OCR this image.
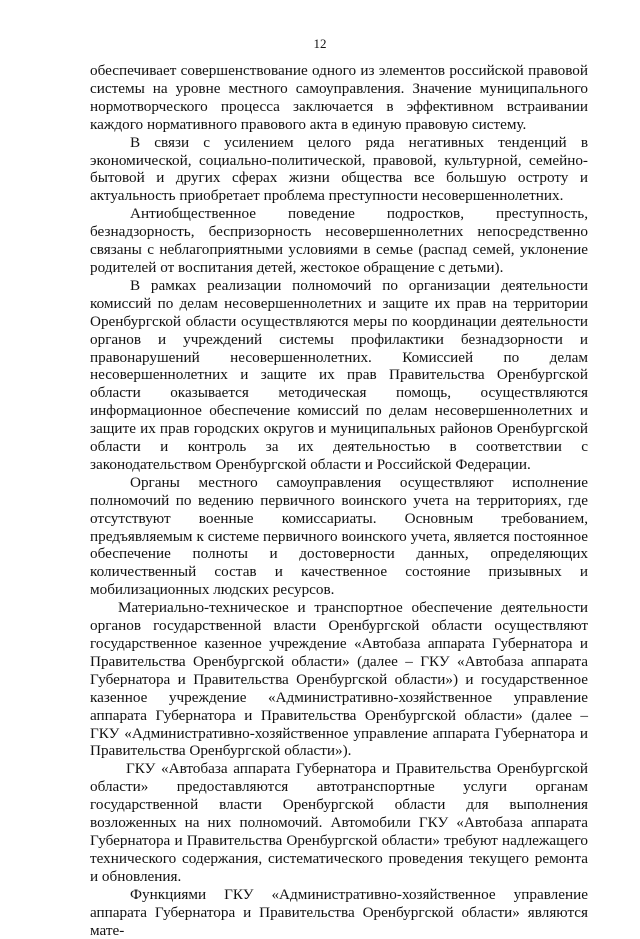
12

обеспечивает совершенствование одного из элементов российской правовой системы на уровне местного самоуправления. Значение муниципального нормотворческого процесса заключается в эффективном встраивании каждого нормативного правового акта в единую правовую систему.

В связи с усилением целого ряда негативных тенденций в экономической, социально-политической, правовой, культурной, семейно-бытовой и других сферах жизни общества все большую остроту и актуальность приобретает проблема преступности несовершеннолетних.

Антиобщественное поведение подростков, преступность, безнадзорность, беспризорность несовершеннолетних непосредственно связаны с неблагоприятными условиями в семье (распад семей, уклонение родителей от воспитания детей, жестокое обращение с детьми).

В рамках реализации полномочий по организации деятельности комиссий по делам несовершеннолетних и защите их прав на территории Оренбургской области осуществляются меры по координации деятельности органов и учреждений системы профилактики безнадзорности и правонарушений несовершеннолетних. Комиссией по делам несовершеннолетних и защите их прав Правительства Оренбургской области оказывается методическая помощь, осуществляются информационное обеспечение комиссий по делам несовершеннолетних и защите их прав городских округов и муниципальных районов Оренбургской области и контроль за их деятельностью в соответствии с законодательством Оренбургской области и Российской Федерации.

Органы местного самоуправления осуществляют исполнение полномочий по ведению первичного воинского учета на территориях, где отсутствуют военные комиссариаты. Основным требованием, предъявляемым к системе первичного воинского учета, является постоянное обеспечение полноты и достоверности данных, определяющих количественный состав и качественное состояние призывных и мобилизационных людских ресурсов.

Материально-техническое и транспортное обеспечение деятельности органов государственной власти Оренбургской области осуществляют государственное казенное учреждение «Автобаза аппарата Губернатора и Правительства Оренбургской области» (далее – ГКУ «Автобаза аппарата Губернатора и Правительства Оренбургской области») и государственное казенное учреждение «Административно-хозяйственное управление аппарата Губернатора и Правительства Оренбургской области» (далее – ГКУ «Административно-хозяйственное управление аппарата Губернатора и Правительства Оренбургской области»).

ГКУ «Автобаза аппарата Губернатора и Правительства Оренбургской области» предоставляются автотранспортные услуги органам государственной власти Оренбургской области для выполнения возложенных на них полномочий. Автомобили ГКУ «Автобаза аппарата Губернатора и Правительства Оренбургской области» требуют надлежащего технического содержания, систематического проведения текущего ремонта и обновления.

Функциями ГКУ «Административно-хозяйственное управление аппарата Губернатора и Правительства Оренбургской области» являются мате-
